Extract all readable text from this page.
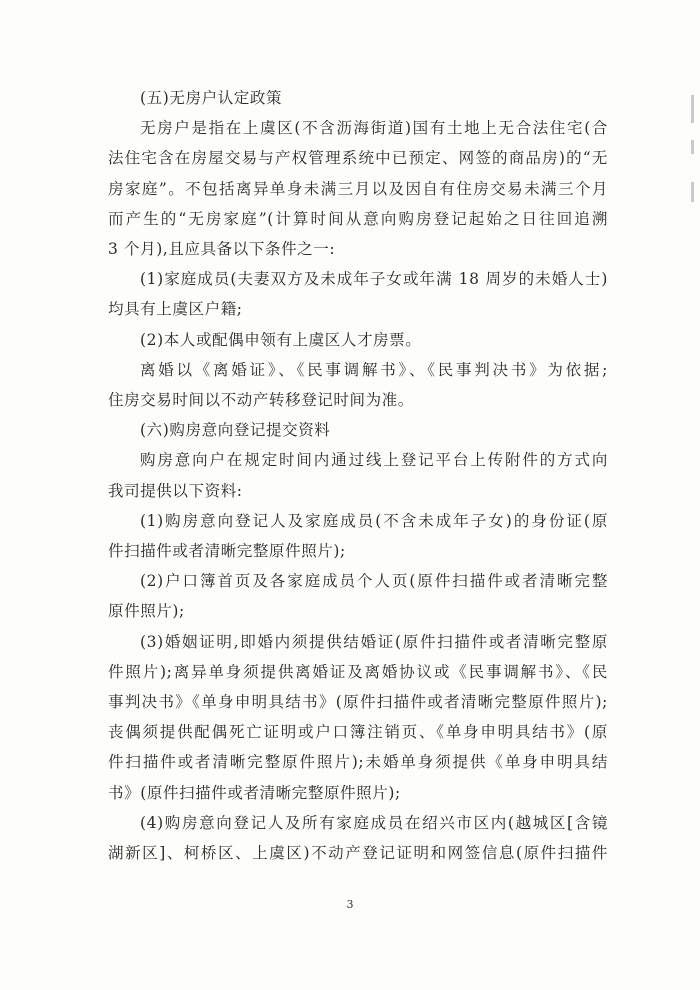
(五)无房户认定政策
无房户是指在上虞区(不含沥海街道)国有土地上无合法住宅(合
法住宅含在房屋交易与产权管理系统中已预定、网签的商品房)的“无
房家庭”。不包括离异单身未满三月以及因自有住房交易未满三个月
而产生的“无房家庭”(计算时间从意向购房登记起始之日往回追溯
3 个月),且应具备以下条件之一:
(1)家庭成员(夫妻双方及未成年子女或年满 18 周岁的未婚人士)
均具有上虞区户籍;
(2)本人或配偶申领有上虞区人才房票。
离婚以《离婚证》、《民事调解书》、《民事判决书》为依据;
住房交易时间以不动产转移登记时间为准。
(六)购房意向登记提交资料
购房意向户在规定时间内通过线上登记平台上传附件的方式向
我司提供以下资料:
(1)购房意向登记人及家庭成员(不含未成年子女)的身份证(原
件扫描件或者清晰完整原件照片);
(2)户口簿首页及各家庭成员个人页(原件扫描件或者清晰完整
原件照片);
(3)婚姻证明,即婚内须提供结婚证(原件扫描件或者清晰完整原
件照片);离异单身须提供离婚证及离婚协议或《民事调解书》、《民
事判决书》《单身申明具结书》(原件扫描件或者清晰完整原件照片);
丧偶须提供配偶死亡证明或户口簿注销页、《单身申明具结书》(原
件扫描件或者清晰完整原件照片);未婚单身须提供《单身申明具结
书》(原件扫描件或者清晰完整原件照片);
(4)购房意向登记人及所有家庭成员在绍兴市区内(越城区[含镜
湖新区]、柯桥区、上虞区)不动产登记证明和网签信息(原件扫描件
3
